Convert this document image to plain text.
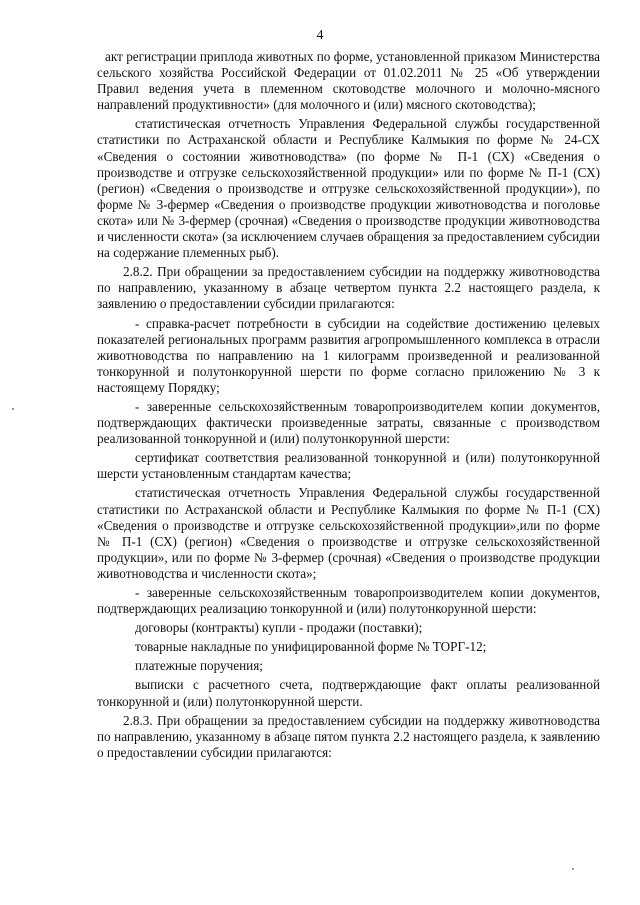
4

акт регистрации приплода животных по форме, установленной приказом Министерства сельского хозяйства Российской Федерации от 01.02.2011 № 25 «Об утверждении Правил ведения учета в племенном скотоводстве молочного и молочно-мясного направлений продуктивности» (для молочного и (или) мясного скотоводства);

статистическая отчетность Управления Федеральной службы государственной статистики по Астраханской области и Республике Калмыкия по форме № 24-СХ «Сведения о состоянии животноводства» (по форме № П-1 (СХ) «Сведения о производстве и отгрузке сельскохозяйственной продукции» или по форме № П-1 (СХ) (регион) «Сведения о производстве и отгрузке сельскохозяйственной продукции»), по форме № 3-фермер «Сведения о производстве продукции животноводства и поголовье скота» или № 3-фермер (срочная) «Сведения о производстве продукции животноводства и численности скота» (за исключением случаев обращения за предоставлением субсидии на содержание племенных рыб).

2.8.2. При обращении за предоставлением субсидии на поддержку животноводства по направлению, указанному в абзаце четвертом пункта 2.2 настоящего раздела, к заявлению о предоставлении субсидии прилагаются:

- справка-расчет потребности в субсидии на содействие достижению целевых показателей региональных программ развития агропромышленного комплекса в отрасли животноводства по направлению на 1 килограмм произведенной и реализованной тонкорунной и полутонкорунной шерсти по форме согласно приложению № 3 к настоящему Порядку;

- заверенные сельскохозяйственным товаропроизводителем копии документов, подтверждающих фактически произведенные затраты, связанные с производством реализованной тонкорунной и (или) полутонкорунной шерсти:

сертификат соответствия реализованной тонкорунной и (или) полутонкорунной шерсти установленным стандартам качества;

статистическая отчетность Управления Федеральной службы государственной статистики по Астраханской области и Республике Калмыкия по форме № П-1 (СХ) «Сведения о производстве и отгрузке сельскохозяйственной продукции»,или по форме № П-1 (СХ) (регион) «Сведения о производстве и отгрузке сельскохозяйственной продукции», или по форме № 3-фермер (срочная) «Сведения о производстве продукции животноводства и численности скота»;

- заверенные сельскохозяйственным товаропроизводителем копии документов, подтверждающих реализацию тонкорунной и (или) полутонкорунной шерсти:

договоры (контракты) купли - продажи (поставки);

товарные накладные по унифицированной форме № ТОРГ-12;

платежные поручения;

выписки с расчетного счета, подтверждающие факт оплаты реализованной тонкорунной и (или) полутонкорунной шерсти.

2.8.3. При обращении за предоставлением субсидии на поддержку животноводства по направлению, указанному в абзаце пятом пункта 2.2 настоящего раздела, к заявлению о предоставлении субсидии прилагаются:
